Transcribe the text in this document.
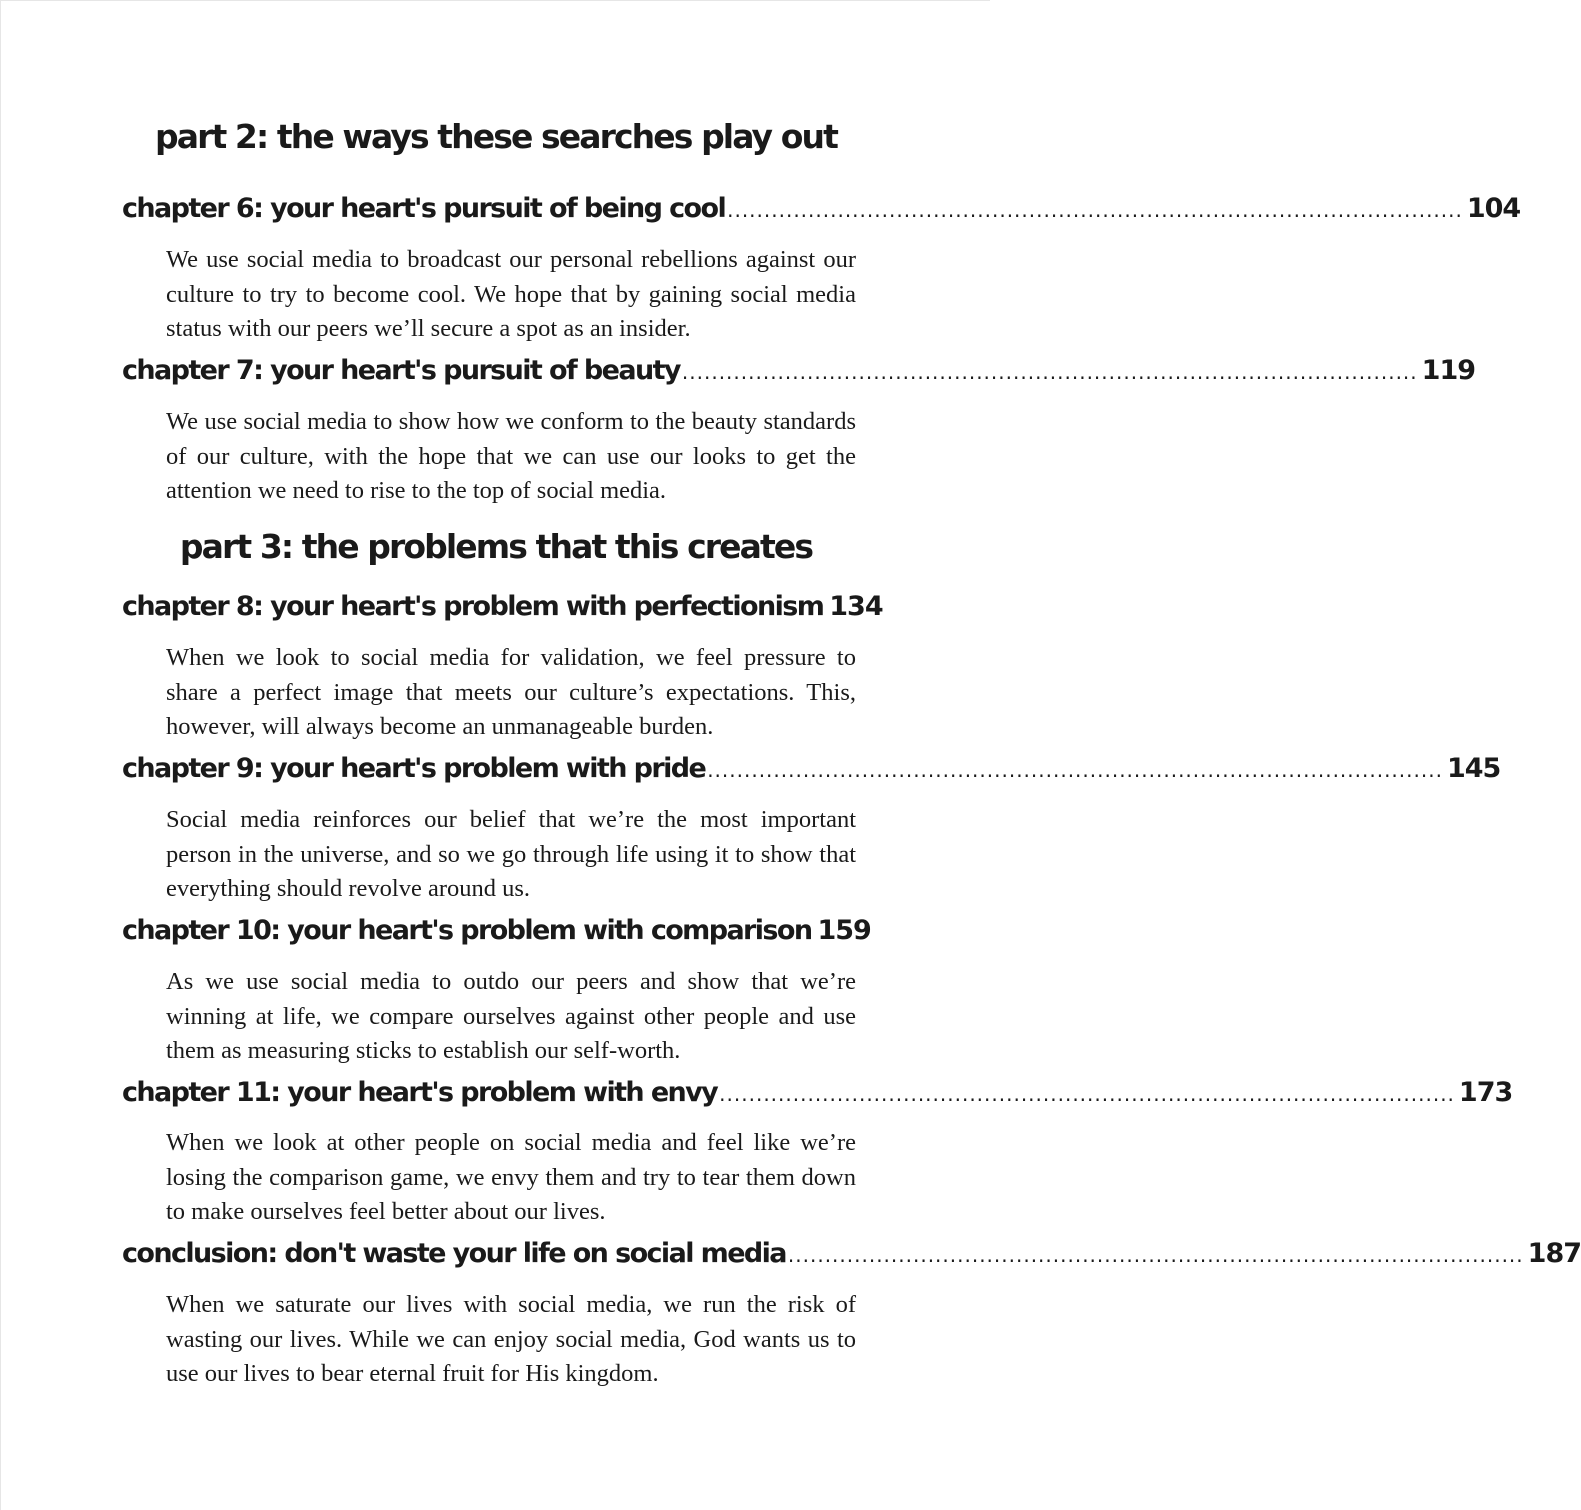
part 2: the ways these searches play out
chapter 6: your heart's pursuit of being cool .................................................................................................... 104
We use social media to broadcast our personal rebellions against our culture to try to become cool. We hope that by gaining social media status with our peers we’ll secure a spot as an insider.
chapter 7: your heart's pursuit of beauty .................................................................................................... 119
We use social media to show how we conform to the beauty standards of our culture, with the hope that we can use our looks to get the attention we need to rise to the top of social media.
part 3: the problems that this creates
chapter 8: your heart's problem with perfectionism 134
When we look to social media for validation, we feel pressure to share a perfect image that meets our culture’s expectations. This, however, will always become an unmanageable burden.
chapter 9: your heart's problem with pride .................................................................................................... 145
Social media reinforces our belief that we’re the most important person in the universe, and so we go through life using it to show that everything should revolve around us.
chapter 10: your heart's problem with comparison 159
As we use social media to outdo our peers and show that we’re winning at life, we compare ourselves against other people and use them as measuring sticks to establish our self-worth.
chapter 11: your heart's problem with envy .................................................................................................... 173
When we look at other people on social media and feel like we’re losing the comparison game, we envy them and try to tear them down to make ourselves feel better about our lives.
conclusion: don't waste your life on social media .................................................................................................... 187
When we saturate our lives with social media, we run the risk of wasting our lives. While we can enjoy social media, God wants us to use our lives to bear eternal fruit for His kingdom.
